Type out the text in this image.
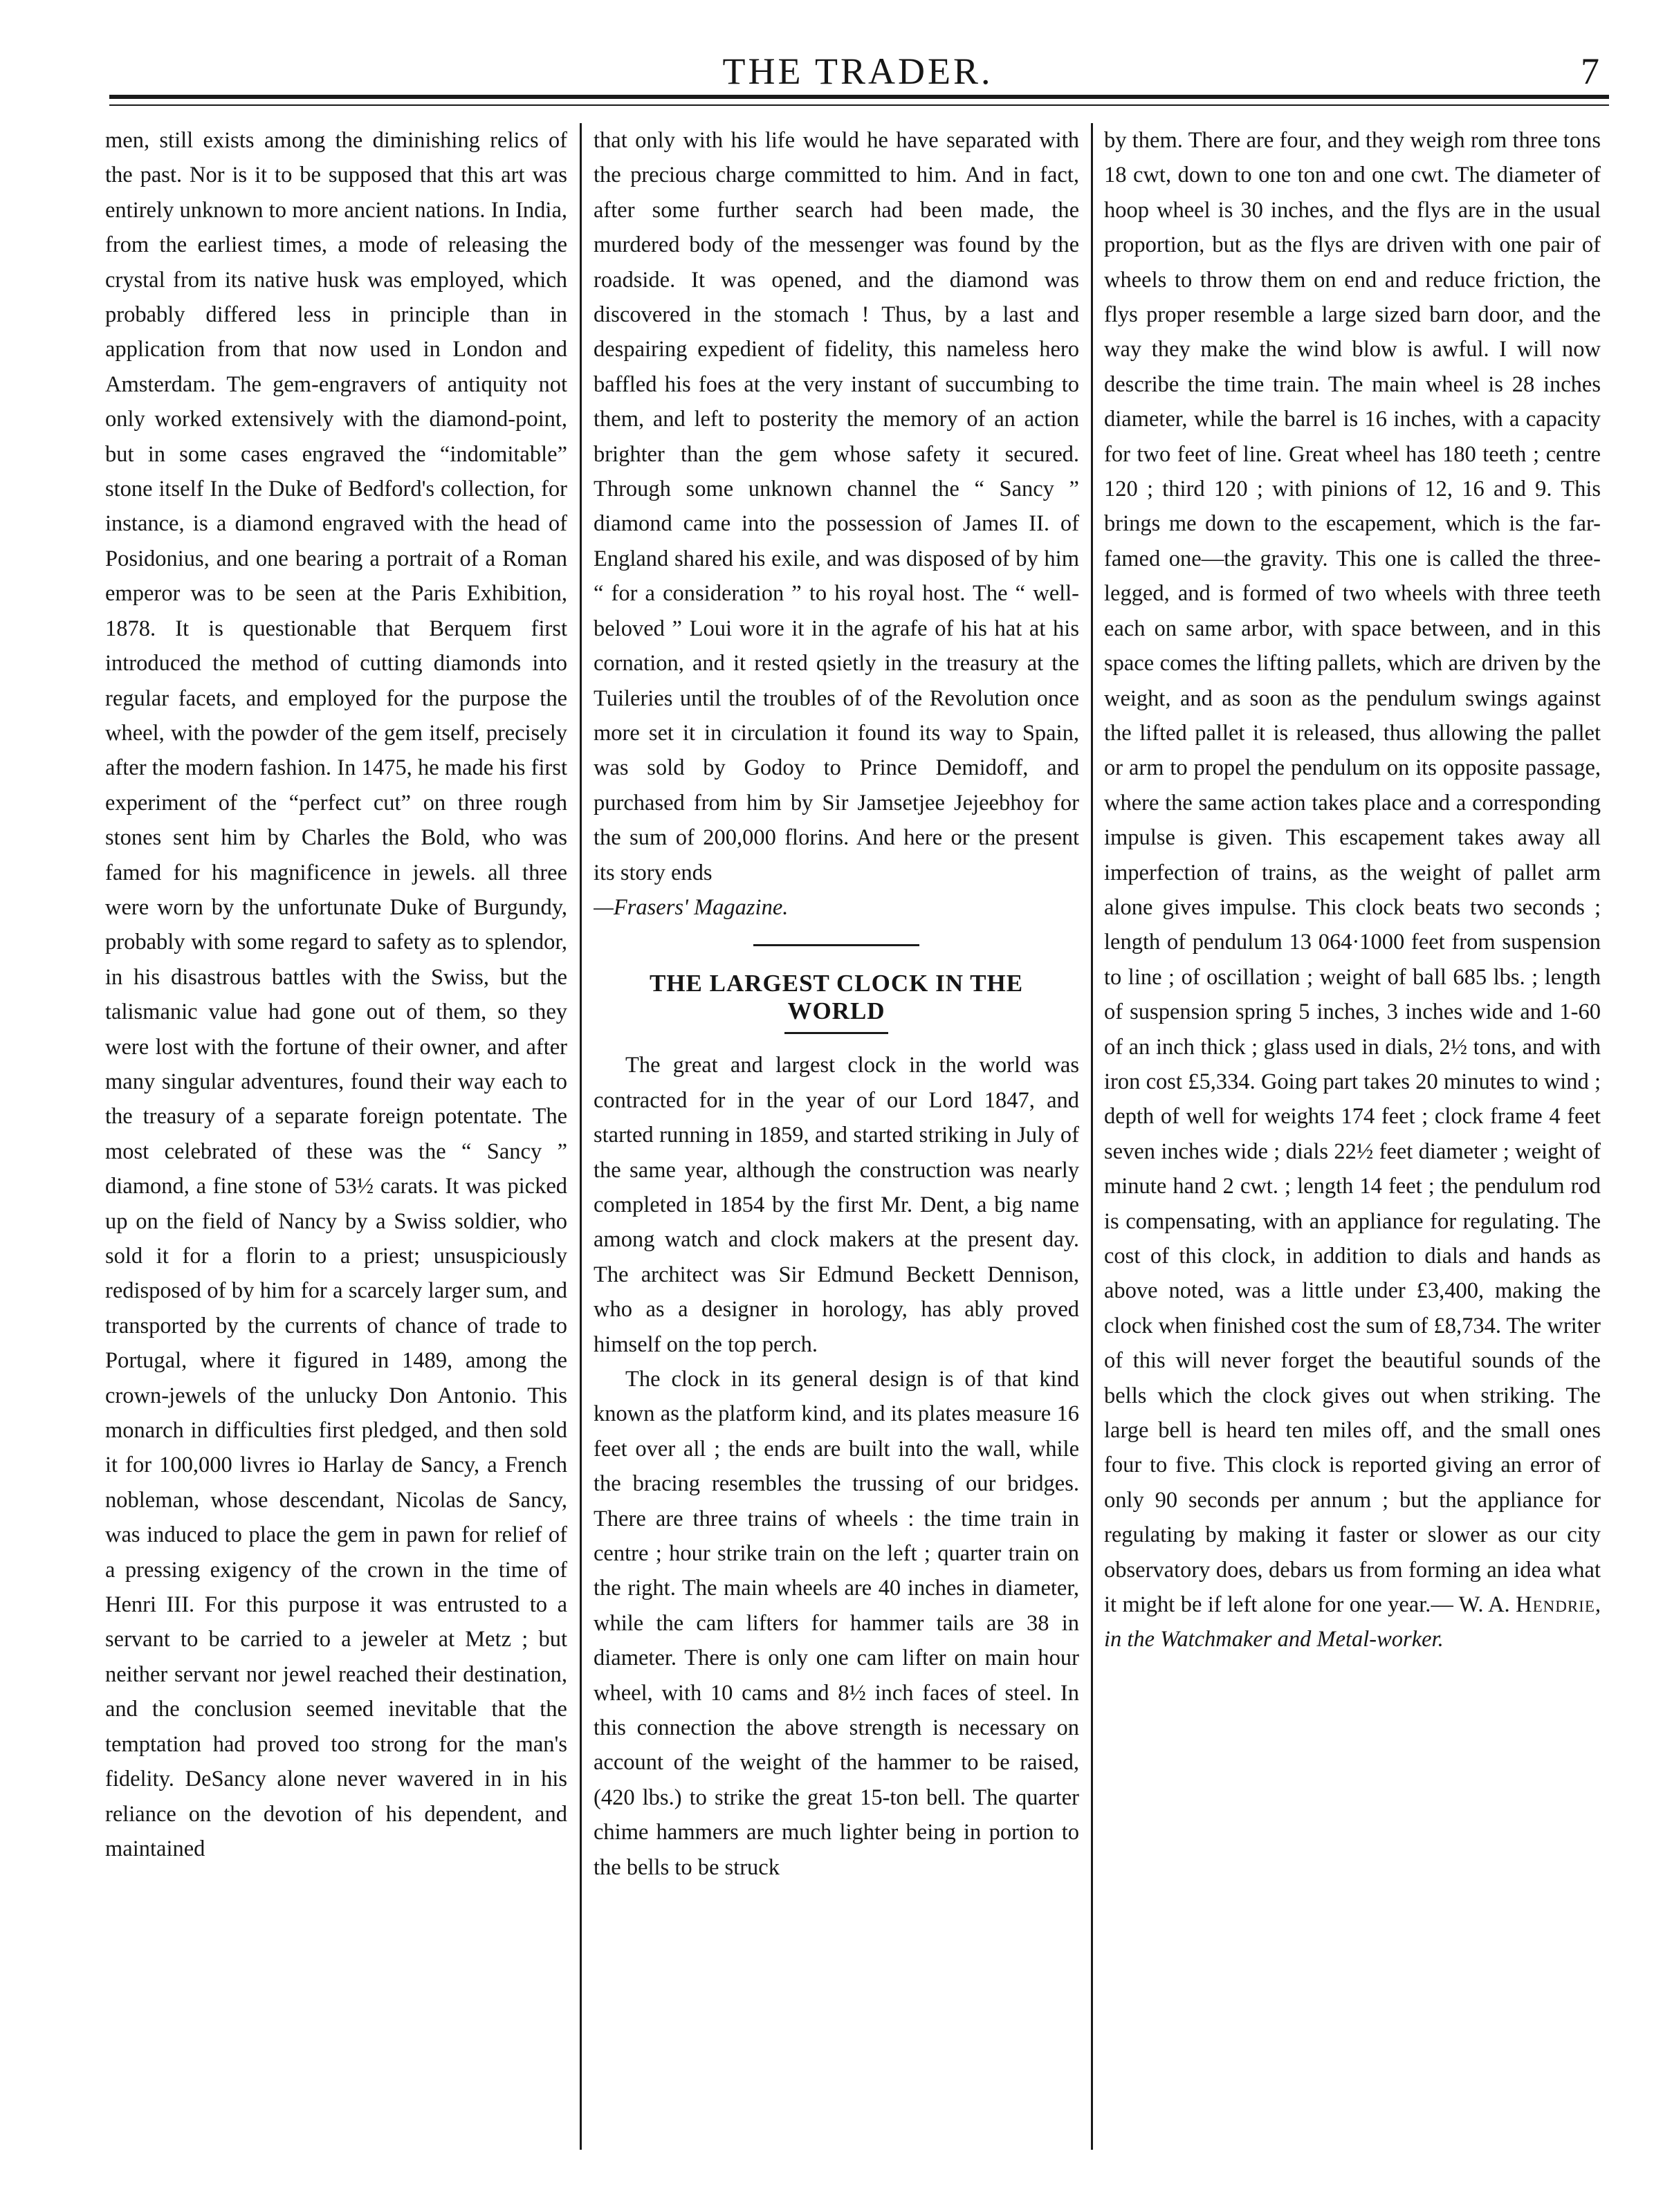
THE TRADER.	7

men, still exists among the diminishing relics of the past. Nor is it to be supposed that this art was entirely unknown to more ancient nations. In India, from the earliest times, a mode of releasing the crystal from its native husk was employed, which probably differed less in principle than in application from that now used in London and Amsterdam. The gem-engravers of antiquity not only worked extensively with the diamond-point, but in some cases engraved the “indomitable” stone itself In the Duke of Bedford's collection, for instance, is a diamond engraved with the head of Posidonius, and one bearing a portrait of a Roman emperor was to be seen at the Paris Exhibition, 1878. It is questionable that Berquem first introduced the method of cutting diamonds into regular facets, and employed for the purpose the wheel, with the powder of the gem itself, precisely after the modern fashion. In 1475, he made his first experiment of the “perfect cut” on three rough stones sent him by Charles the Bold, who was famed for his magnificence in jewels. all three were worn by the unfortunate Duke of Burgundy, probably with some regard to safety as to splendor, in his disastrous battles with the Swiss, but the talismanic value had gone out of them, so they were lost with the fortune of their owner, and after many singular adventures, found their way each to the treasury of a separate foreign potentate. The most celebrated of these was the “ Sancy ” diamond, a fine stone of 53½ carats. It was picked up on the field of Nancy by a Swiss soldier, who sold it for a florin to a priest; unsuspiciously redisposed of by him for a scarcely larger sum, and transported by the currents of chance of trade to Portugal, where it figured in 1489, among the crown-jewels of the unlucky Don Antonio. This monarch in difficulties first pledged, and then sold it for 100,000 livres io Harlay de Sancy, a French nobleman, whose descendant, Nicolas de Sancy, was induced to place the gem in pawn for relief of a pressing exigency of the crown in the time of Henri III. For this purpose it was entrusted to a servant to be carried to a jeweler at Metz ; but neither servant nor jewel reached their destination, and the conclusion seemed inevitable that the temptation had proved too strong for the man's fidelity. DeSancy alone never wavered in in his reliance on the devotion of his dependent, and maintained

that only with his life would he have separated with the precious charge committed to him. And in fact, after some further search had been made, the murdered body of the messenger was found by the roadside. It was opened, and the diamond was discovered in the stomach ! Thus, by a last and despairing expedient of fidelity, this nameless hero baffled his foes at the very instant of succumbing to them, and left to posterity the memory of an action brighter than the gem whose safety it secured. Through some unknown channel the “ Sancy ” diamond came into the possession of James II. of England shared his exile, and was disposed of by him “ for a consideration ” to his royal host. The “ well-beloved ” Loui wore it in the agrafe of his hat at his cornation, and it rested qsietly in the treasury at the Tuileries until the troubles of of the Revolution once more set it in circulation it found its way to Spain, was sold by Godoy to Prince Demidoff, and purchased from him by Sir Jamsetjee Jejeebhoy for the sum of 200,000 florins. And here or the present its story ends

—Frasers' Magazine.

THE LARGEST CLOCK IN THE WORLD

The great and largest clock in the world was contracted for in the year of our Lord 1847, and started running in 1859, and started striking in July of the same year, although the construction was nearly completed in 1854 by the first Mr. Dent, a big name among watch and clock makers at the present day. The architect was Sir Edmund Beckett Dennison, who as a designer in horology, has ably proved himself on the top perch.

The clock in its general design is of that kind known as the platform kind, and its plates measure 16 feet over all ; the ends are built into the wall, while the bracing resembles the trussing of our bridges. There are three trains of wheels : the time train in centre ; hour strike train on the left ; quarter train on the right. The main wheels are 40 inches in diameter, while the cam lifters for hammer tails are 38 in diameter. There is only one cam lifter on main hour wheel, with 10 cams and 8½ inch faces of steel. In this connection the above strength is necessary on account of the weight of the hammer to be raised, (420 lbs.) to strike the great 15-ton bell. The quarter chime hammers are much lighter being in portion to the bells to be struck

by them. There are four, and they weigh rom three tons 18 cwt, down to one ton and one cwt. The diameter of hoop wheel is 30 inches, and the flys are in the usual proportion, but as the flys are driven with one pair of wheels to throw them on end and reduce friction, the flys proper resemble a large sized barn door, and the way they make the wind blow is awful. I will now describe the time train. The main wheel is 28 inches diameter, while the barrel is 16 inches, with a capacity for two feet of line. Great wheel has 180 teeth ; centre 120 ; third 120 ; with pinions of 12, 16 and 9. This brings me down to the escapement, which is the far-famed one—the gravity. This one is called the three-legged, and is formed of two wheels with three teeth each on same arbor, with space between, and in this space comes the lifting pallets, which are driven by the weight, and as soon as the pendulum swings against the lifted pallet it is released, thus allowing the pallet or arm to propel the pendulum on its opposite passage, where the same action takes place and a corresponding impulse is given. This escapement takes away all imperfection of trains, as the weight of pallet arm alone gives impulse. This clock beats two seconds ; length of pendulum 13 064·1000 feet from suspension to line ; of oscillation ; weight of ball 685 lbs. ; length of suspension spring 5 inches, 3 inches wide and 1-60 of an inch thick ; glass used in dials, 2½ tons, and with iron cost £5,334. Going part takes 20 minutes to wind ; depth of well for weights 174 feet ; clock frame 4 feet seven inches wide ; dials 22½ feet diameter ; weight of minute hand 2 cwt. ; length 14 feet ; the pendulum rod is compensating, with an appliance for regulating. The cost of this clock, in addition to dials and hands as above noted, was a little under £3,400, making the clock when finished cost the sum of £8,734. The writer of this will never forget the beautiful sounds of the bells which the clock gives out when striking. The large bell is heard ten miles off, and the small ones four to five. This clock is reported giving an error of only 90 seconds per annum ; but the appliance for regulating by making it faster or slower as our city observatory does, debars us from forming an idea what it might be if left alone for one year.— W. A. Hendrie, in the Watchmaker and Metal-worker.
